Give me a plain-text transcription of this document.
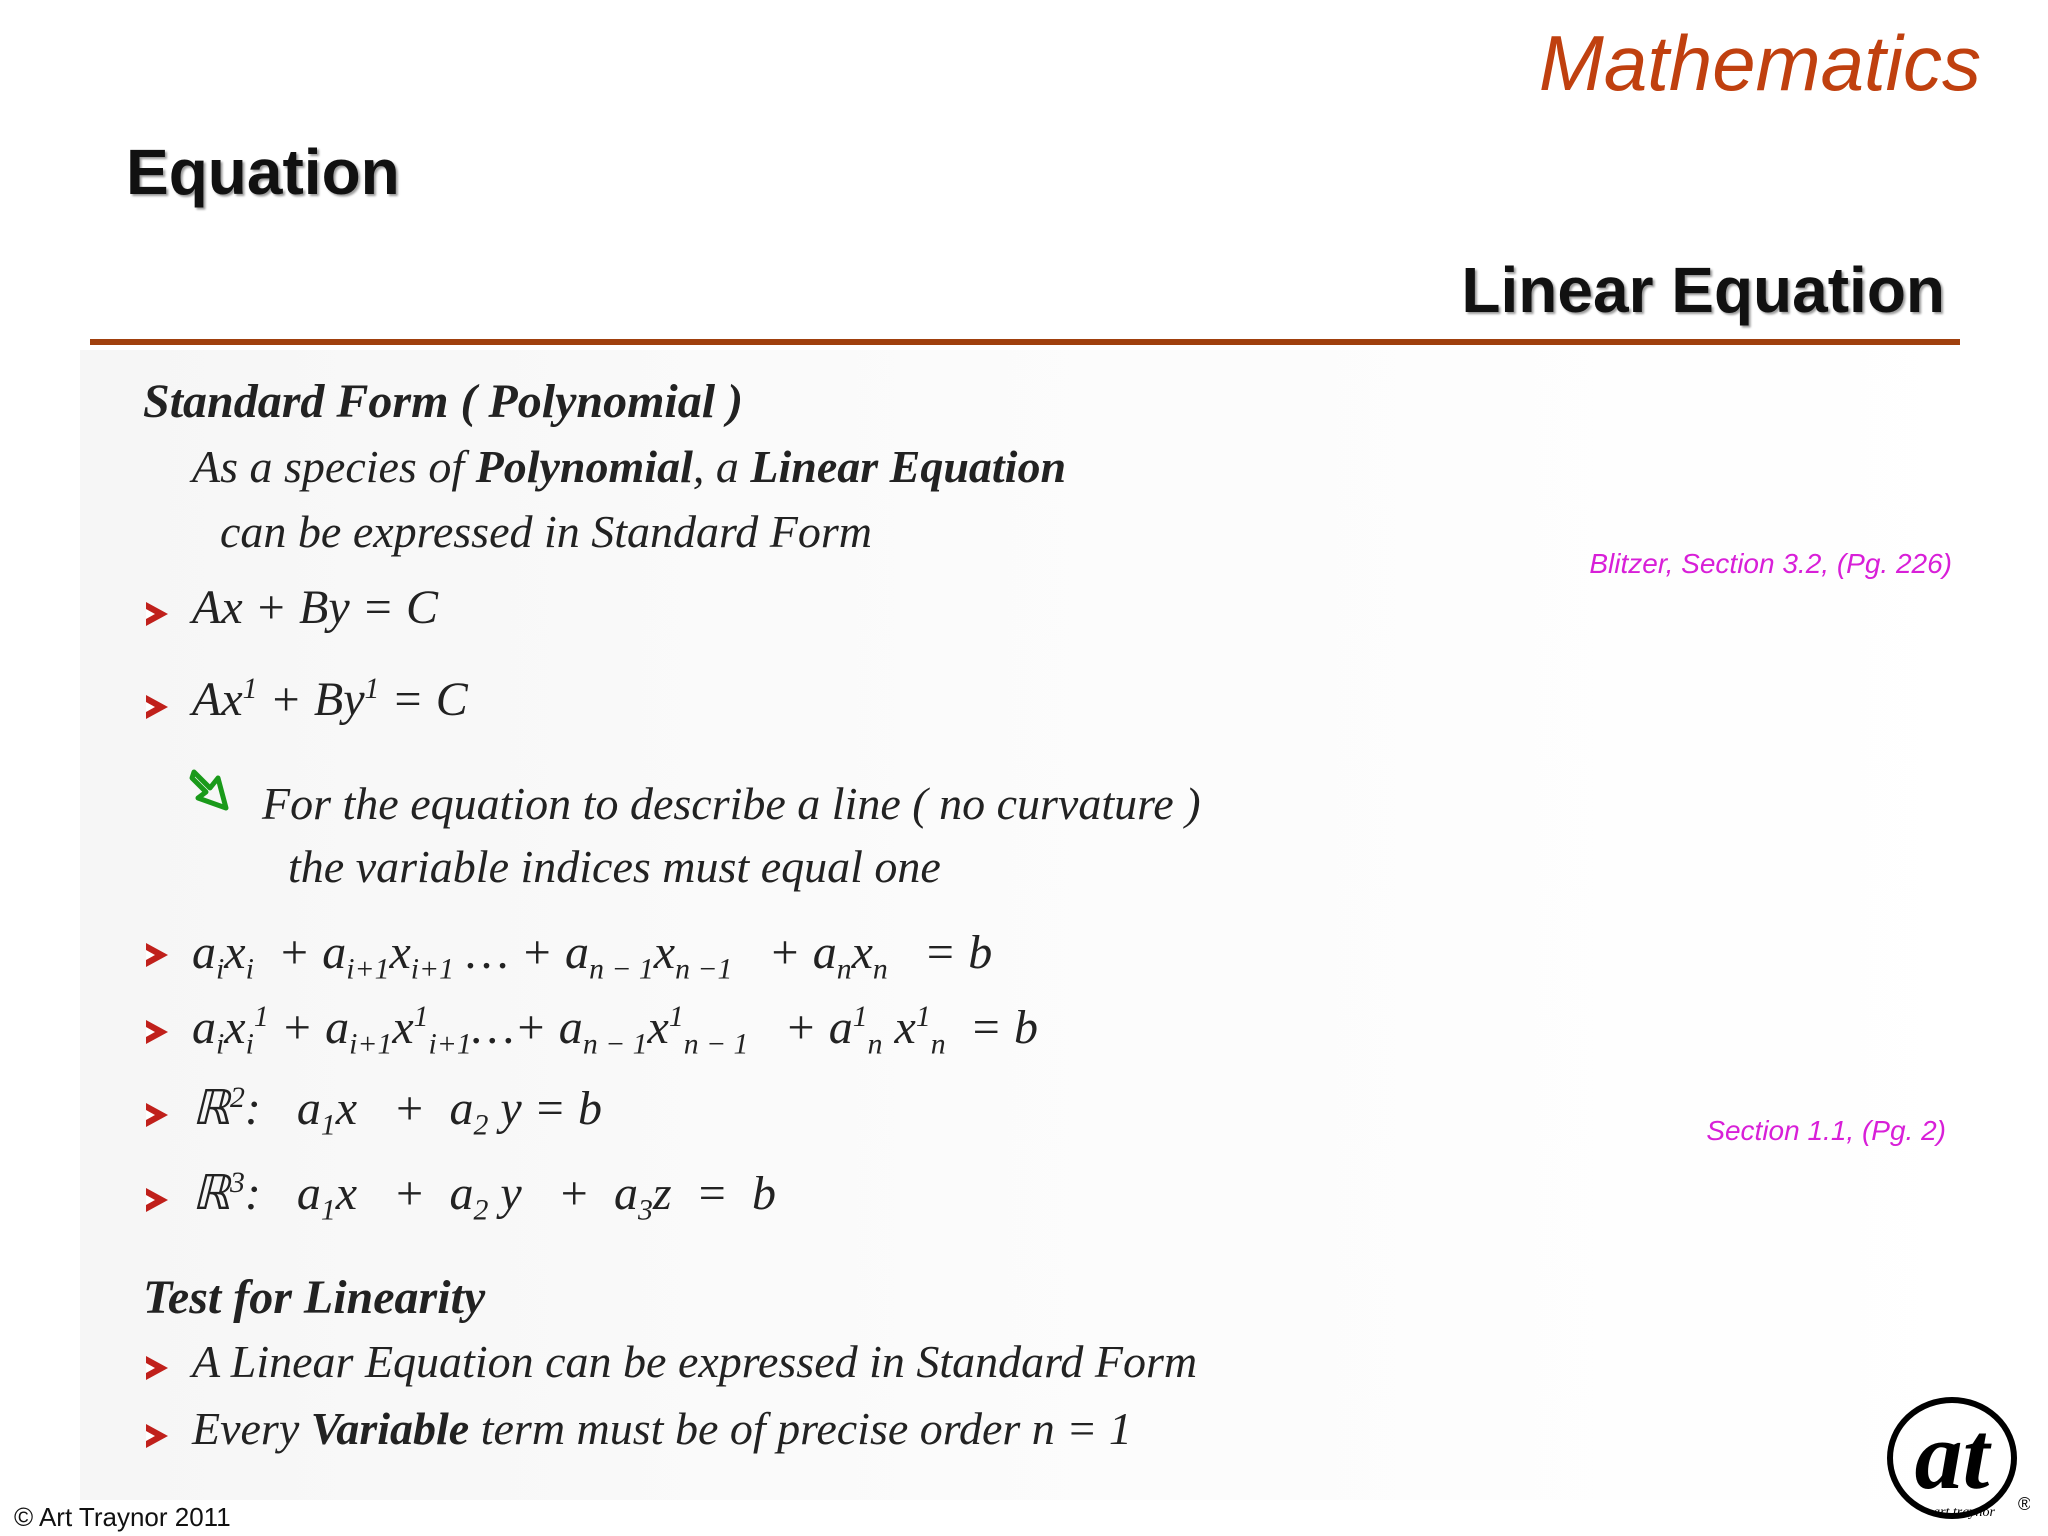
Mathematics
Equation
Linear Equation
Standard Form ( Polynomial )
As a species of Polynomial, a Linear Equation
can be expressed in Standard Form
Ax + By = C
$Ax^1 + By^1 = C$
For the equation to describe a line ( no curvature )
the variable indices must equal one
$a_ix_i + a_{i+1}x_{i+1}$ … + $a_{n - 1}x_{n -1} + a_nx_n = b$
$a_ix_i^1$ + $a_{i+1}x^1_{i+1}\dots+ a_{n - 1}x^1_{n - 1} + a^1_n$ $x^1_n = b$
ℝ$^2$:   $a_1x + a_2$ y = b
ℝ$^3$:   $a_1x + a_2$ $y + a_3z = b$
Test for Linearity
A Linear Equation can be expressed in Standard Form
Every Variable term must be of precise order n = 1
Blitzer, Section 3.2, (Pg. 226)
Section 1.1, (Pg. 2)
© Art Traynor 2011
at
art traynor ®
